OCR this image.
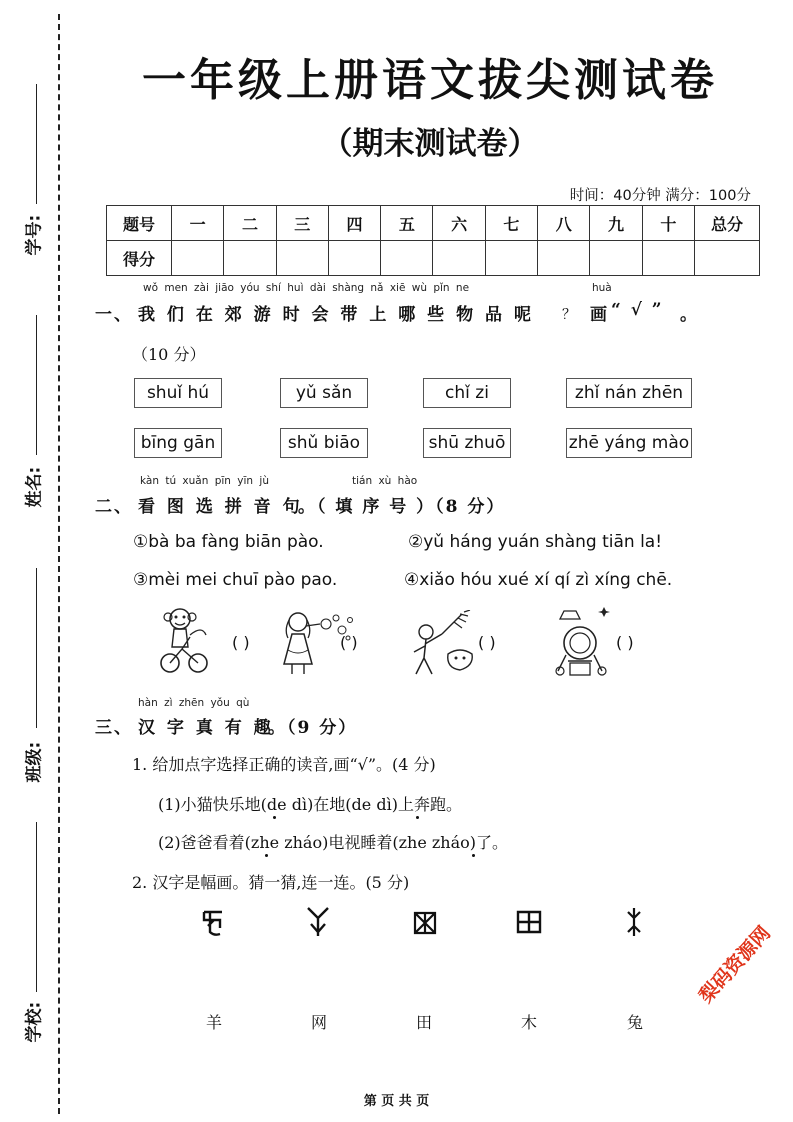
学号:
姓名:
班级:
学校:
一年级上册语文拔尖测试卷
（期末测试卷）
时间：40分钟 满分：100分
题号	一	二	三	四	五	六	七	八	九	十	总分
得分											
wǒ men zài jiāo yóu shí huì dài shàng nǎ xiē wù pǐn ne	huà
一、 我 们 在 郊 游 时 会 带 上 哪 些 物 品 呢 ？ 画 “ √ ” 。
（10 分）
shuǐ hú	yǔ sǎn	chǐ zi	zhǐ nán zhēn
bīng gān	shǔ biāo	shū zhuō	zhē yáng mào
kàn tú xuǎn pīn yīn jù	tián xù hào
二、 看 图 选 拼 音 句
。（ 填 序 号 ）（8 分）
①bà ba fàng biān pào.	②yǔ háng yuán shàng tiān la!
③mèi mei chuī pào pao.	④xiǎo hóu xué xí qí zì xíng chē.
( )	( )	( )	( )
hàn zì zhēn yǒu qù
三、 汉 字 真 有 趣
。（9 分）
1. 给加点字选择正确的读音,画“√”。(4 分)
(1)小猫快乐地(de dì)在地(de dì)上奔跑。
(2)爸爸看着(zhe zháo)电视睡着(zhe zháo)了。
2. 汉字是幅画。猜一猜,连一连。(5 分)
羊	网	田	木	兔
梨码资源网
第 页 共 页
